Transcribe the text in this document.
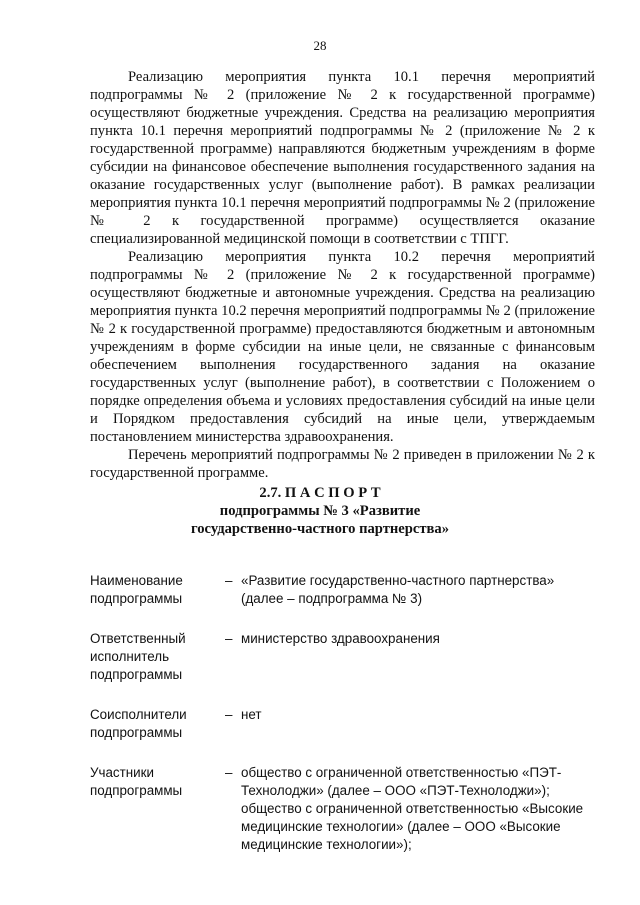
28

Реализацию мероприятия пункта 10.1 перечня мероприятий подпрограммы № 2 (приложение № 2 к государственной программе) осуществляют бюджетные учреждения. Средства на реализацию мероприятия пункта 10.1 перечня мероприятий подпрограммы № 2 (приложение № 2 к государственной программе) направляются бюджетным учреждениям в форме субсидии на финансовое обеспечение выполнения государственного задания на оказание государственных услуг (выполнение работ). В рамках реализации мероприятия пункта 10.1 перечня мероприятий подпрограммы № 2 (приложение № 2 к государственной программе) осуществляется оказание специализированной медицинской помощи в соответствии с ТПГГ.

Реализацию мероприятия пункта 10.2 перечня мероприятий подпрограммы № 2 (приложение № 2 к государственной программе) осуществляют бюджетные и автономные учреждения. Средства на реализацию мероприятия пункта 10.2 перечня мероприятий подпрограммы № 2 (приложение № 2 к государственной программе) предоставляются бюджетным и автономным учреждениям в форме субсидии на иные цели, не связанные с финансовым обеспечением выполнения государственного задания на оказание государственных услуг (выполнение работ), в соответствии с Положением о порядке определения объема и условиях предоставления субсидий на иные цели и Порядком предоставления субсидий на иные цели, утверждаемым постановлением министерства здравоохранения.

Перечень мероприятий подпрограммы № 2 приведен в приложении № 2 к государственной программе.

2.7. П А С П О Р Т
подпрограммы № 3 «Развитие
государственно-частного партнерства»
Наименование
подпрограммы
– «Развитие государственно-частного партнерства» (далее – подпрограмма № 3)
Ответственный
исполнитель
подпрограммы
– министерство здравоохранения
Соисполнители
подпрограммы
– нет
Участники
подпрограммы
– общество с ограниченной ответственностью «ПЭТ-Технолоджи» (далее – ООО «ПЭТ-Технолоджи»);
общество с ограниченной ответственностью «Высокие медицинские технологии» (далее – ООО «Высокие медицинские технологии»);
